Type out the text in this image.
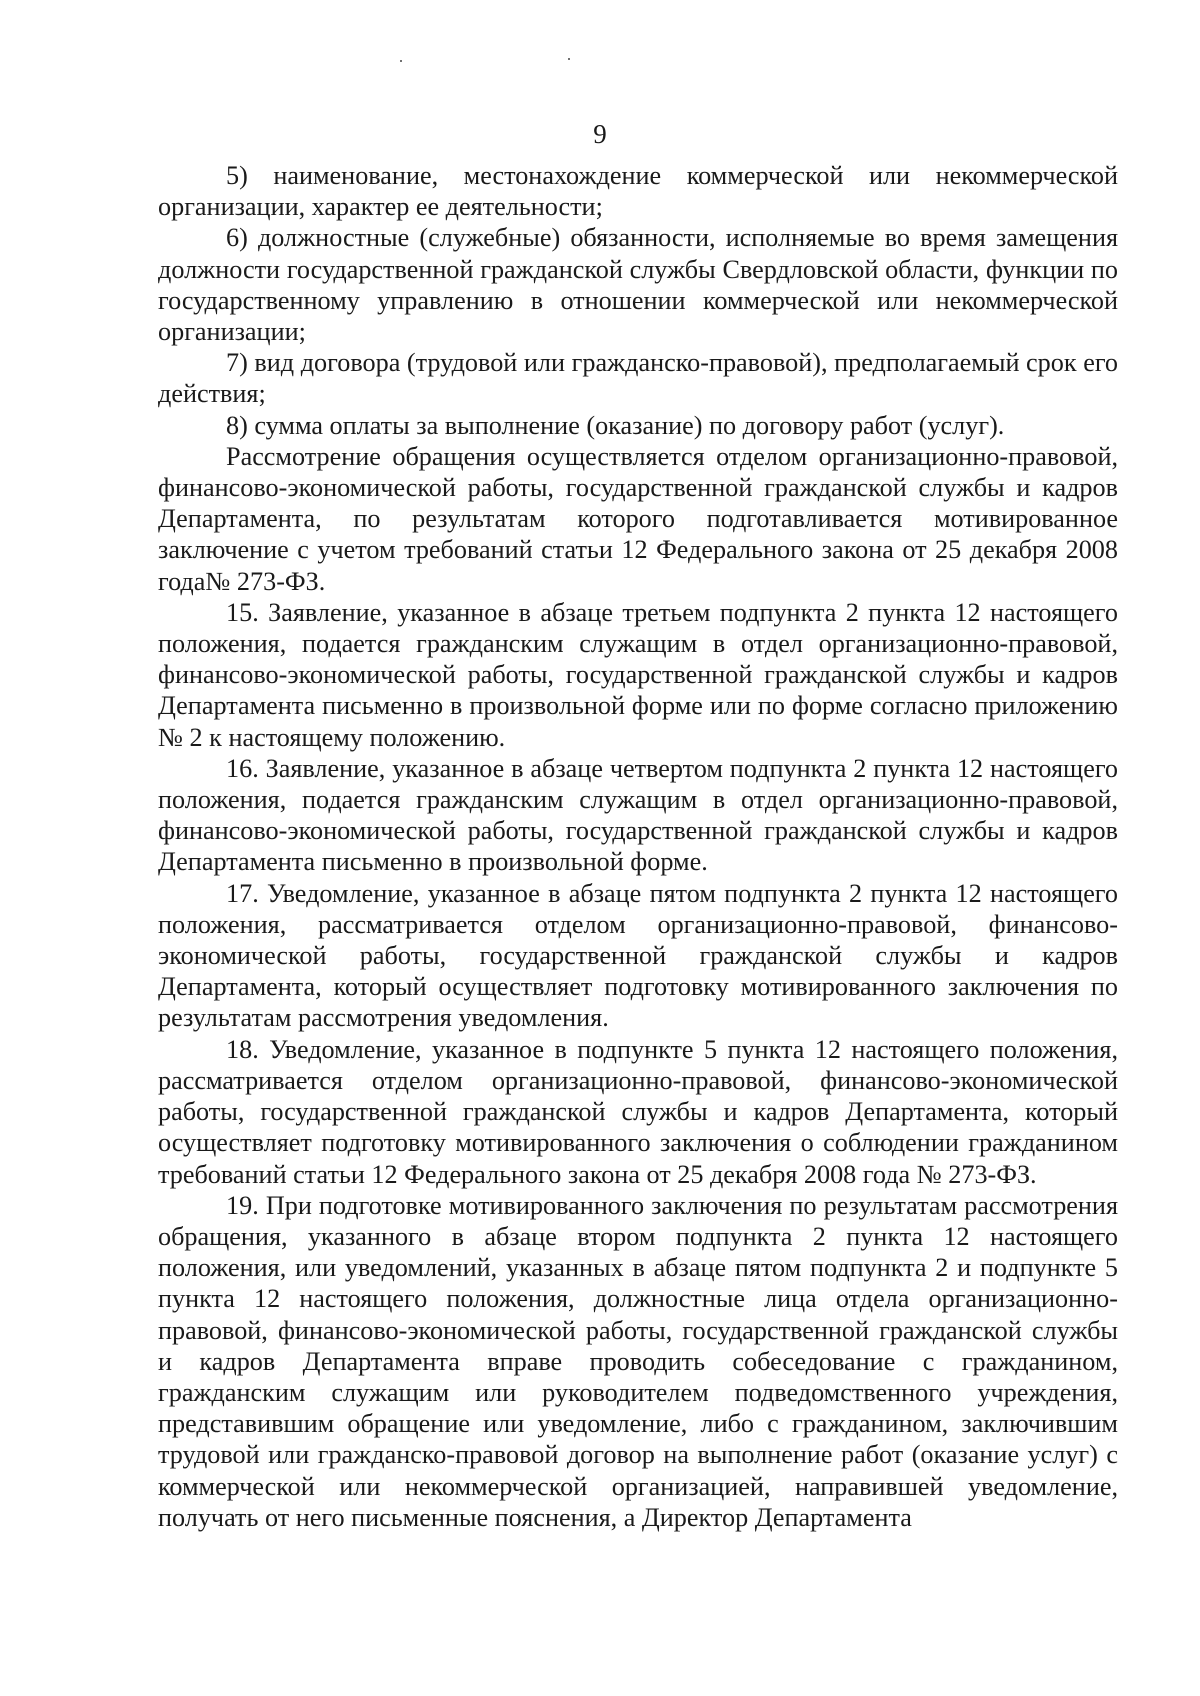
9

5) наименование, местонахождение коммерческой или некоммерческой организации, характер ее деятельности;

6) должностные (служебные) обязанности, исполняемые во время замещения должности государственной гражданской службы Свердловской области, функции по государственному управлению в отношении коммерческой или некоммерческой организации;

7) вид договора (трудовой или гражданско-правовой), предполагаемый срок его действия;

8) сумма оплаты за выполнение (оказание) по договору работ (услуг).

Рассмотрение обращения осуществляется отделом организационно-правовой, финансово-экономической работы, государственной гражданской службы и кадров Департамента, по результатам которого подготавливается мотивированное заключение с учетом требований статьи 12 Федерального закона от 25 декабря 2008 года№ 273-ФЗ.

15. Заявление, указанное в абзаце третьем подпункта 2 пункта 12 настоящего положения, подается гражданским служащим в отдел организационно-правовой, финансово-экономической работы, государственной гражданской службы и кадров Департамента письменно в произвольной форме или по форме согласно приложению № 2 к настоящему положению.

16. Заявление, указанное в абзаце четвертом подпункта 2 пункта 12 настоящего положения, подается гражданским служащим в отдел организационно-правовой, финансово-экономической работы, государственной гражданской службы и кадров Департамента письменно в произвольной форме.

17. Уведомление, указанное в абзаце пятом подпункта 2 пункта 12 настоящего положения, рассматривается отделом организационно-правовой, финансово-экономической работы, государственной гражданской службы и кадров Департамента, который осуществляет подготовку мотивированного заключения по результатам рассмотрения уведомления.

18. Уведомление, указанное в подпункте 5 пункта 12 настоящего положения, рассматривается отделом организационно-правовой, финансово-экономической работы, государственной гражданской службы и кадров Департамента, который осуществляет подготовку мотивированного заключения о соблюдении гражданином требований статьи 12 Федерального закона от 25 декабря 2008 года № 273-ФЗ.

19. При подготовке мотивированного заключения по результатам рассмотрения обращения, указанного в абзаце втором подпункта 2 пункта 12 настоящего положения, или уведомлений, указанных в абзаце пятом подпункта 2 и подпункте 5 пункта 12 настоящего положения, должностные лица отдела организационно-правовой, финансово-экономической работы, государственной гражданской службы и кадров Департамента вправе проводить собеседование с гражданином, гражданским служащим или руководителем подведомственного учреждения, представившим обращение или уведомление, либо с гражданином, заключившим трудовой или гражданско-правовой договор на выполнение работ (оказание услуг) с коммерческой или некоммерческой организацией, направившей уведомление, получать от него письменные пояснения, а Директор Департамента
